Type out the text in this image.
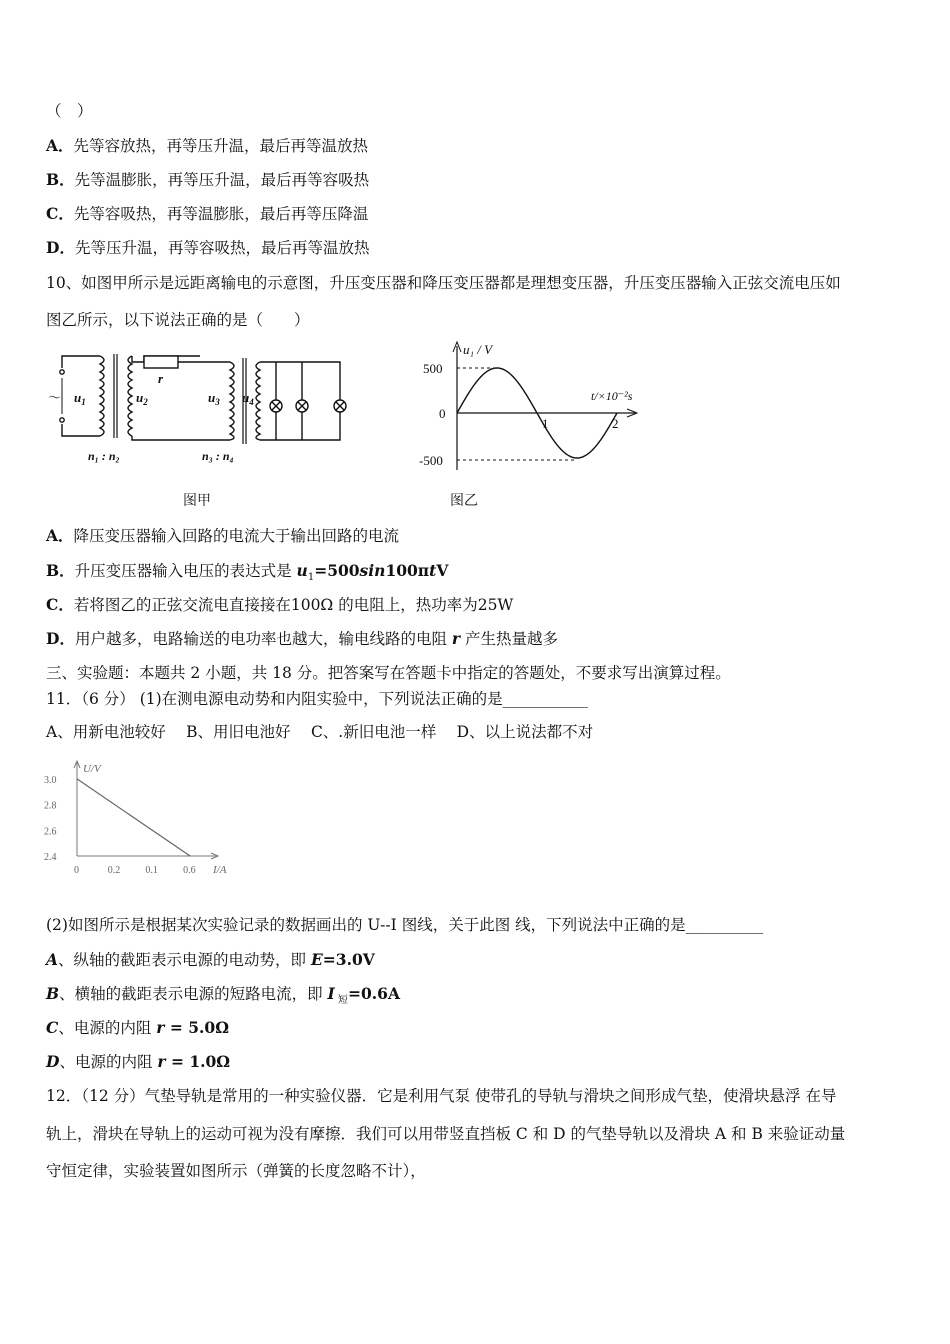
（　）
A．先等容放热，再等压升温，最后再等温放热
B．先等温膨胀，再等压升温，最后再等容吸热
C．先等容吸热，再等温膨胀，最后再等压降温
D．先等压升温，再等容吸热，最后再等温放热
10、如图甲所示是远距离输电的示意图，升压变压器和降压变压器都是理想变压器，升压变压器输入正弦交流电压如
图乙所示，以下说法正确的是（　　）
～ $u_1$	$u_2$
r
$u_3$ $u_4$
n₁ : n₂	n₃ : n₄
图甲
u₁ / V
t/×10⁻²s
500
0
-500
1	2
图乙
A．降压变压器输入回路的电流大于输出回路的电流
B．升压变压器输入电压的表达式是 $u_1=500\sin 100\pi tV$
C．若将图乙的正弦交流电直接接在100Ω 的电阻上，热功率为25W
D．用户越多，电路输送的电功率也越大，输电线路的电阻 r 产生热量越多
三、实验题：本题共 2 小题，共 18 分。把答案写在答题卡中指定的答题处，不要求写出演算过程。
11．（6 分） (1)在测电源电动势和内阻实验中，下列说法正确的是___________
A、用新电池较好　 B、用旧电池好　 C、.新旧电池一样　 D、以上说法都不对
2.4
2.6
2.8
3.0
0	0.2	0.1	0.6
U/V
I/A
(2)如图所示是根据某次实验记录的数据画出的 U--I 图线，关于此图 线，下列说法中正确的是__________
A、纵轴的截距表示电源的电动势，即 E=3.0V
B、横轴的截距表示电源的短路电流，即 I $_短$=0.6A
C、电源的内阻 r = 5.0Ω
D、电源的内阻 r = 1.0Ω
12．（12 分）气垫导轨是常用的一种实验仪器．它是利用气泵 使带孔的导轨与滑块之间形成气垫，使滑块悬浮 在导
轨上，滑块在导轨上的运动可视为没有摩擦．我们可以用带竖直挡板 C 和 D 的气垫导轨以及滑块 A 和 B 来验证动量
守恒定律，实验装置如图所示（弹簧的长度忽略不计），
